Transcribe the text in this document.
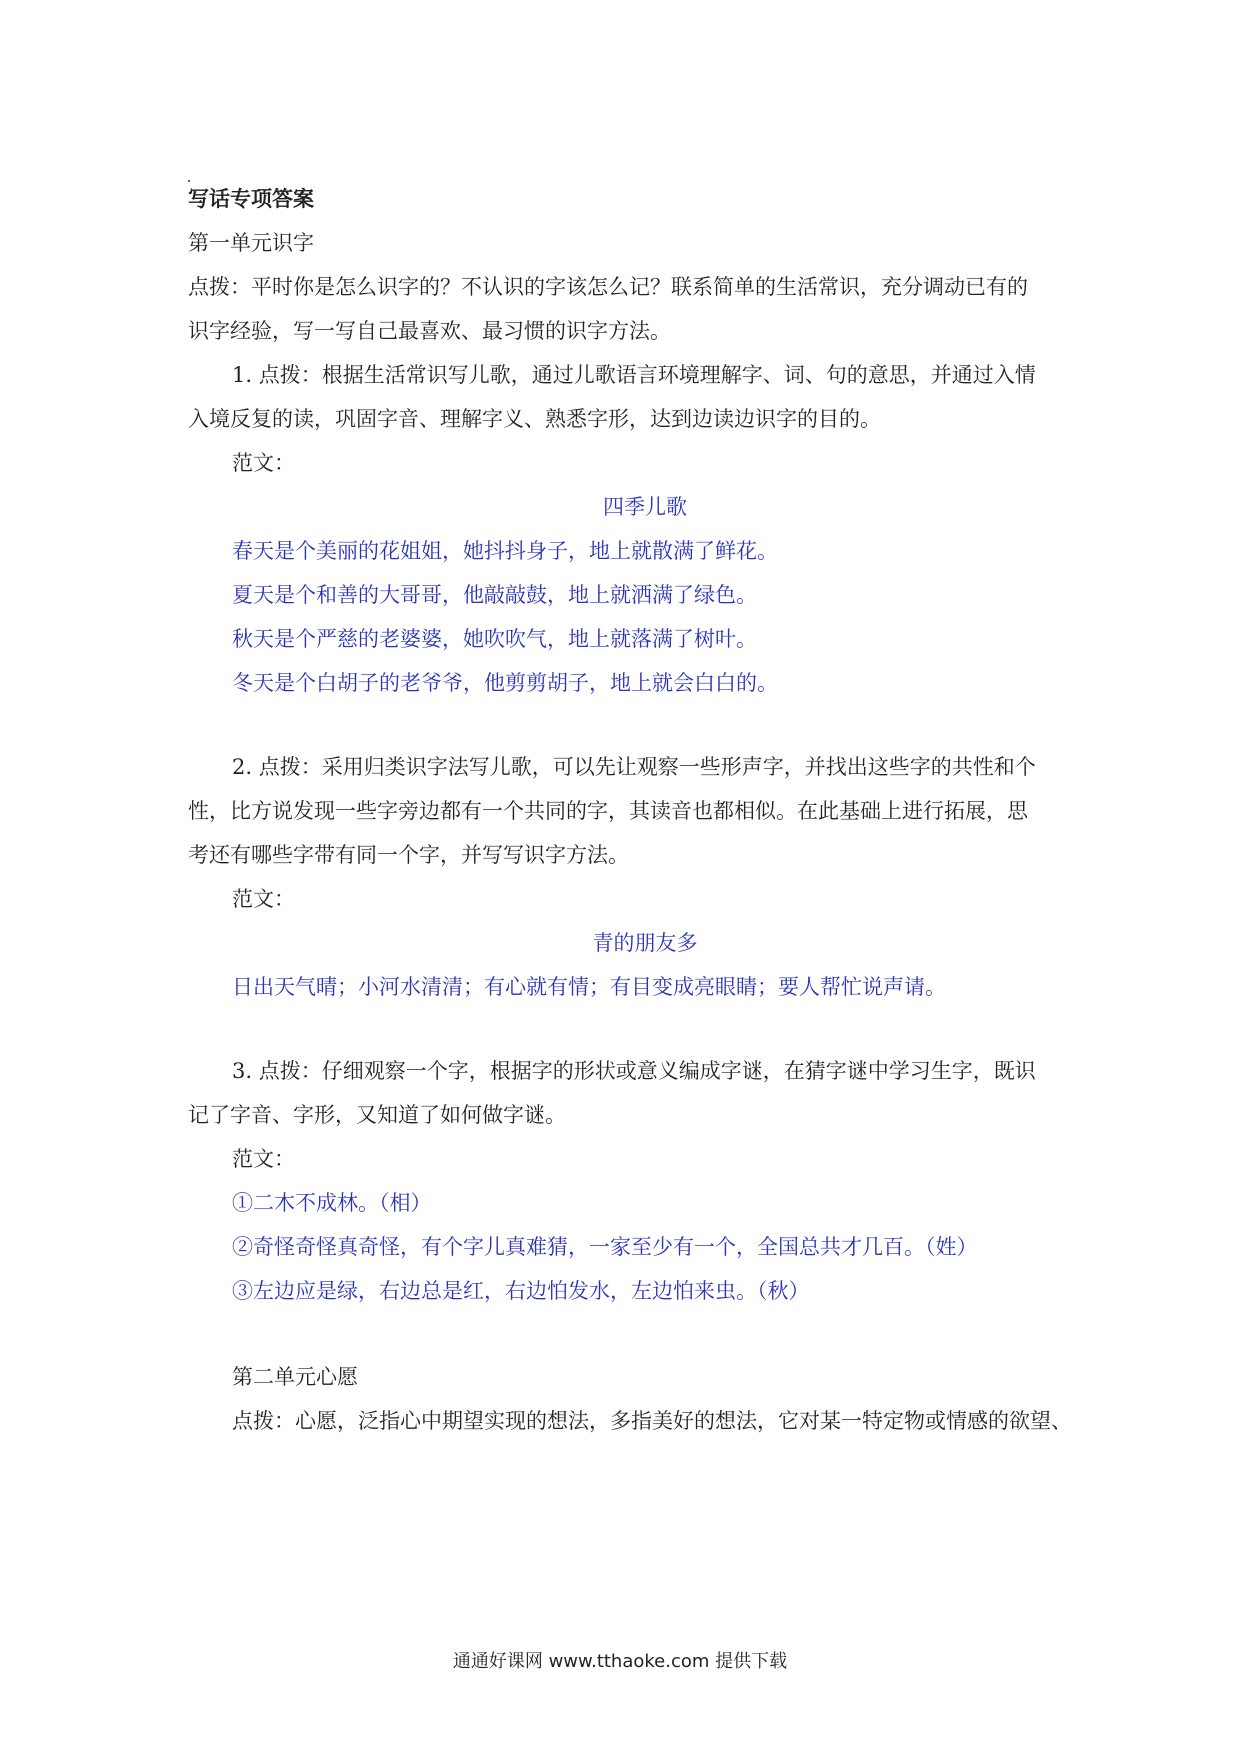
写话专项答案
第一单元识字
点拨：平时你是怎么识字的？不认识的字该怎么记？联系简单的生活常识，充分调动已有的
识字经验，写一写自己最喜欢、最习惯的识字方法。
1. 点拨：根据生活常识写儿歌，通过儿歌语言环境理解字、词、句的意思，并通过入情
入境反复的读，巩固字音、理解字义、熟悉字形，达到边读边识字的目的。
范文：
四季儿歌
春天是个美丽的花姐姐，她抖抖身子，地上就散满了鲜花。
夏天是个和善的大哥哥，他敲敲鼓，地上就洒满了绿色。
秋天是个严慈的老婆婆，她吹吹气，地上就落满了树叶。
冬天是个白胡子的老爷爷，他剪剪胡子，地上就会白白的。
2. 点拨：采用归类识字法写儿歌，可以先让观察一些形声字，并找出这些字的共性和个
性，比方说发现一些字旁边都有一个共同的字，其读音也都相似。在此基础上进行拓展，思
考还有哪些字带有同一个字，并写写识字方法。
范文：
青的朋友多
日出天气晴；小河水清清；有心就有情；有目变成亮眼睛；要人帮忙说声请。
3. 点拨：仔细观察一个字，根据字的形状或意义编成字谜，在猜字谜中学习生字，既识
记了字音、字形，又知道了如何做字谜。
范文：
①二木不成林。（相）
②奇怪奇怪真奇怪，有个字儿真难猜，一家至少有一个，全国总共才几百。（姓）
③左边应是绿，右边总是红，右边怕发水，左边怕来虫。（秋）
第二单元心愿
点拨：心愿，泛指心中期望实现的想法，多指美好的想法，它对某一特定物或情感的欲望、
通通好课网 www.tthaoke.com 提供下载
